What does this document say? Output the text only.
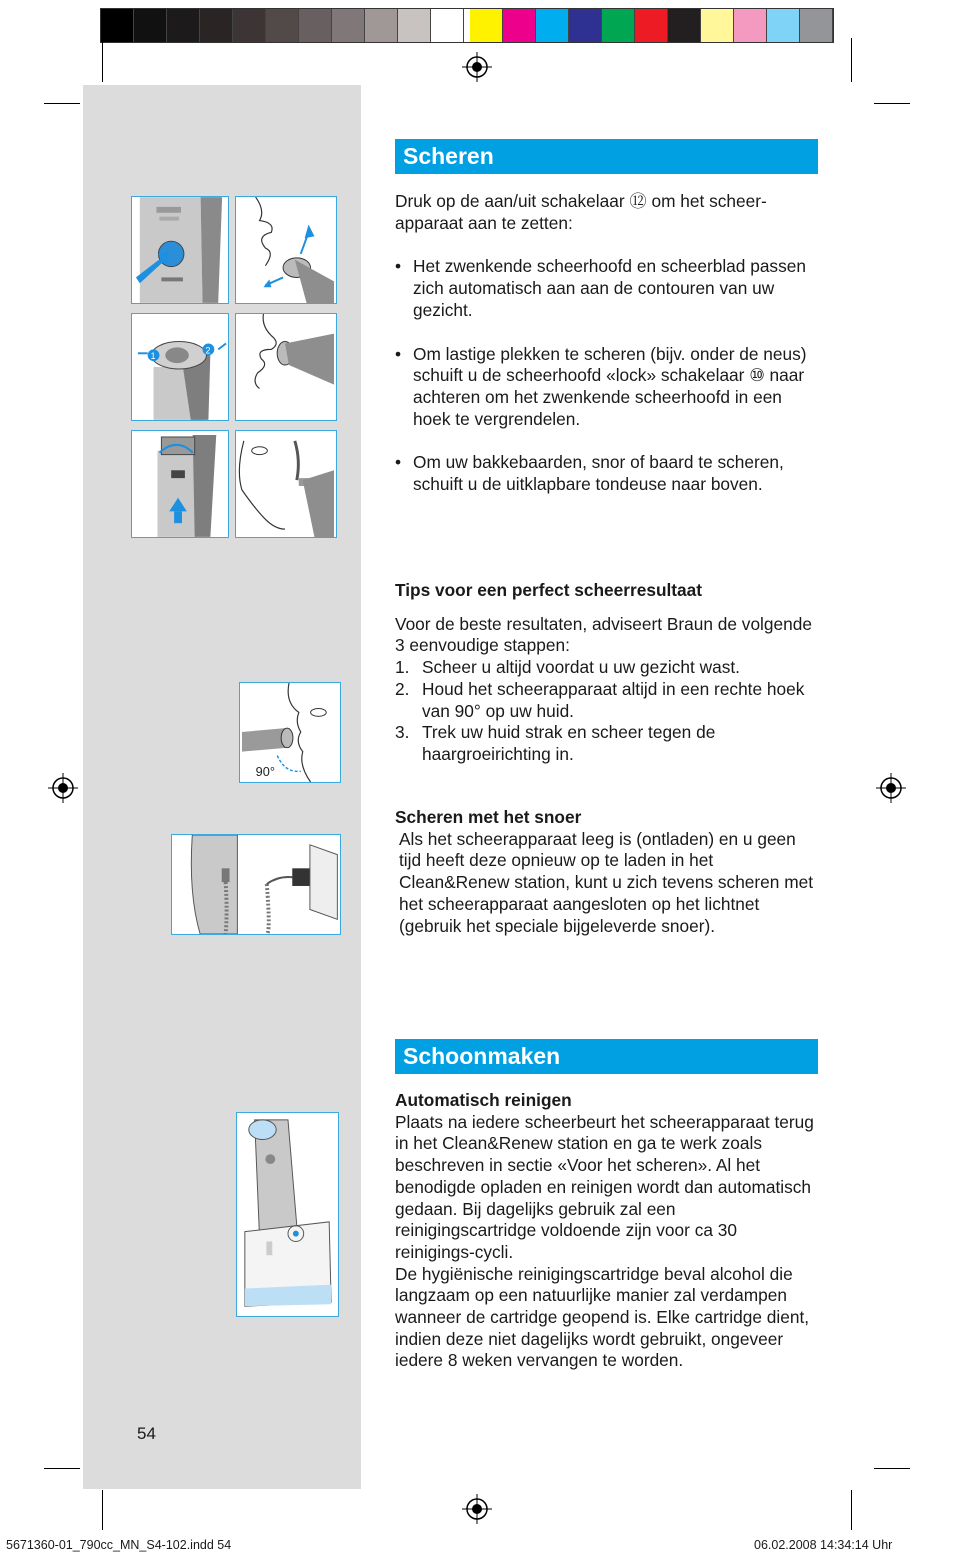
1
2
90°
Scheren

Druk op de aan/uit schakelaar ⑫ om het scheer-apparaat aan te zetten:

• Het zwenkende scheerhoofd en scheerblad passen zich automatisch aan aan de contouren van uw gezicht.

• Om lastige plekken te scheren (bijv. onder de neus) schuift u de scheerhoofd «lock» schakelaar ⑩ naar achteren om het zwenkende scheerhoofd in een hoek te vergrendelen.

• Om uw bakkebaarden, snor of baard te scheren, schuift u de uitklapbare tondeuse naar boven.

Tips voor een perfect scheerresultaat

Voor de beste resultaten, adviseert Braun de volgende 3 eenvoudige stappen:

1. Scheer u altijd voordat u uw gezicht wast.
2. Houd het scheerapparaat altijd in een rechte hoek van 90° op uw huid.
3. Trek uw huid strak en scheer tegen de haargroeirichting in.

Scheren met het snoer

Als het scheerapparaat leeg is (ontladen) en u geen tijd heeft deze opnieuw op te laden in het Clean&Renew station, kunt u zich tevens scheren met het scheerapparaat aangesloten op het lichtnet (gebruik het speciale bijgeleverde snoer).

Schoonmaken

Automatisch reinigen

Plaats na iedere scheerbeurt het scheerapparaat terug in het Clean&Renew station en ga te werk zoals beschreven in sectie «Voor het scheren». Al het benodigde opladen en reinigen wordt dan automatisch gedaan. Bij dagelijks gebruik zal een reinigingscartridge voldoende zijn voor ca 30 reinigings-cycli.

De hygiënische reinigingscartridge beval alcohol die langzaam op een natuurlijke manier zal verdampen wanneer de cartridge geopend is. Elke cartridge dient, indien deze niet dagelijks wordt gebruikt, ongeveer iedere 8 weken vervangen te worden.

54
5671360-01_790cc_MN_S4-102.indd 54	06.02.2008 14:34:14 Uhr
